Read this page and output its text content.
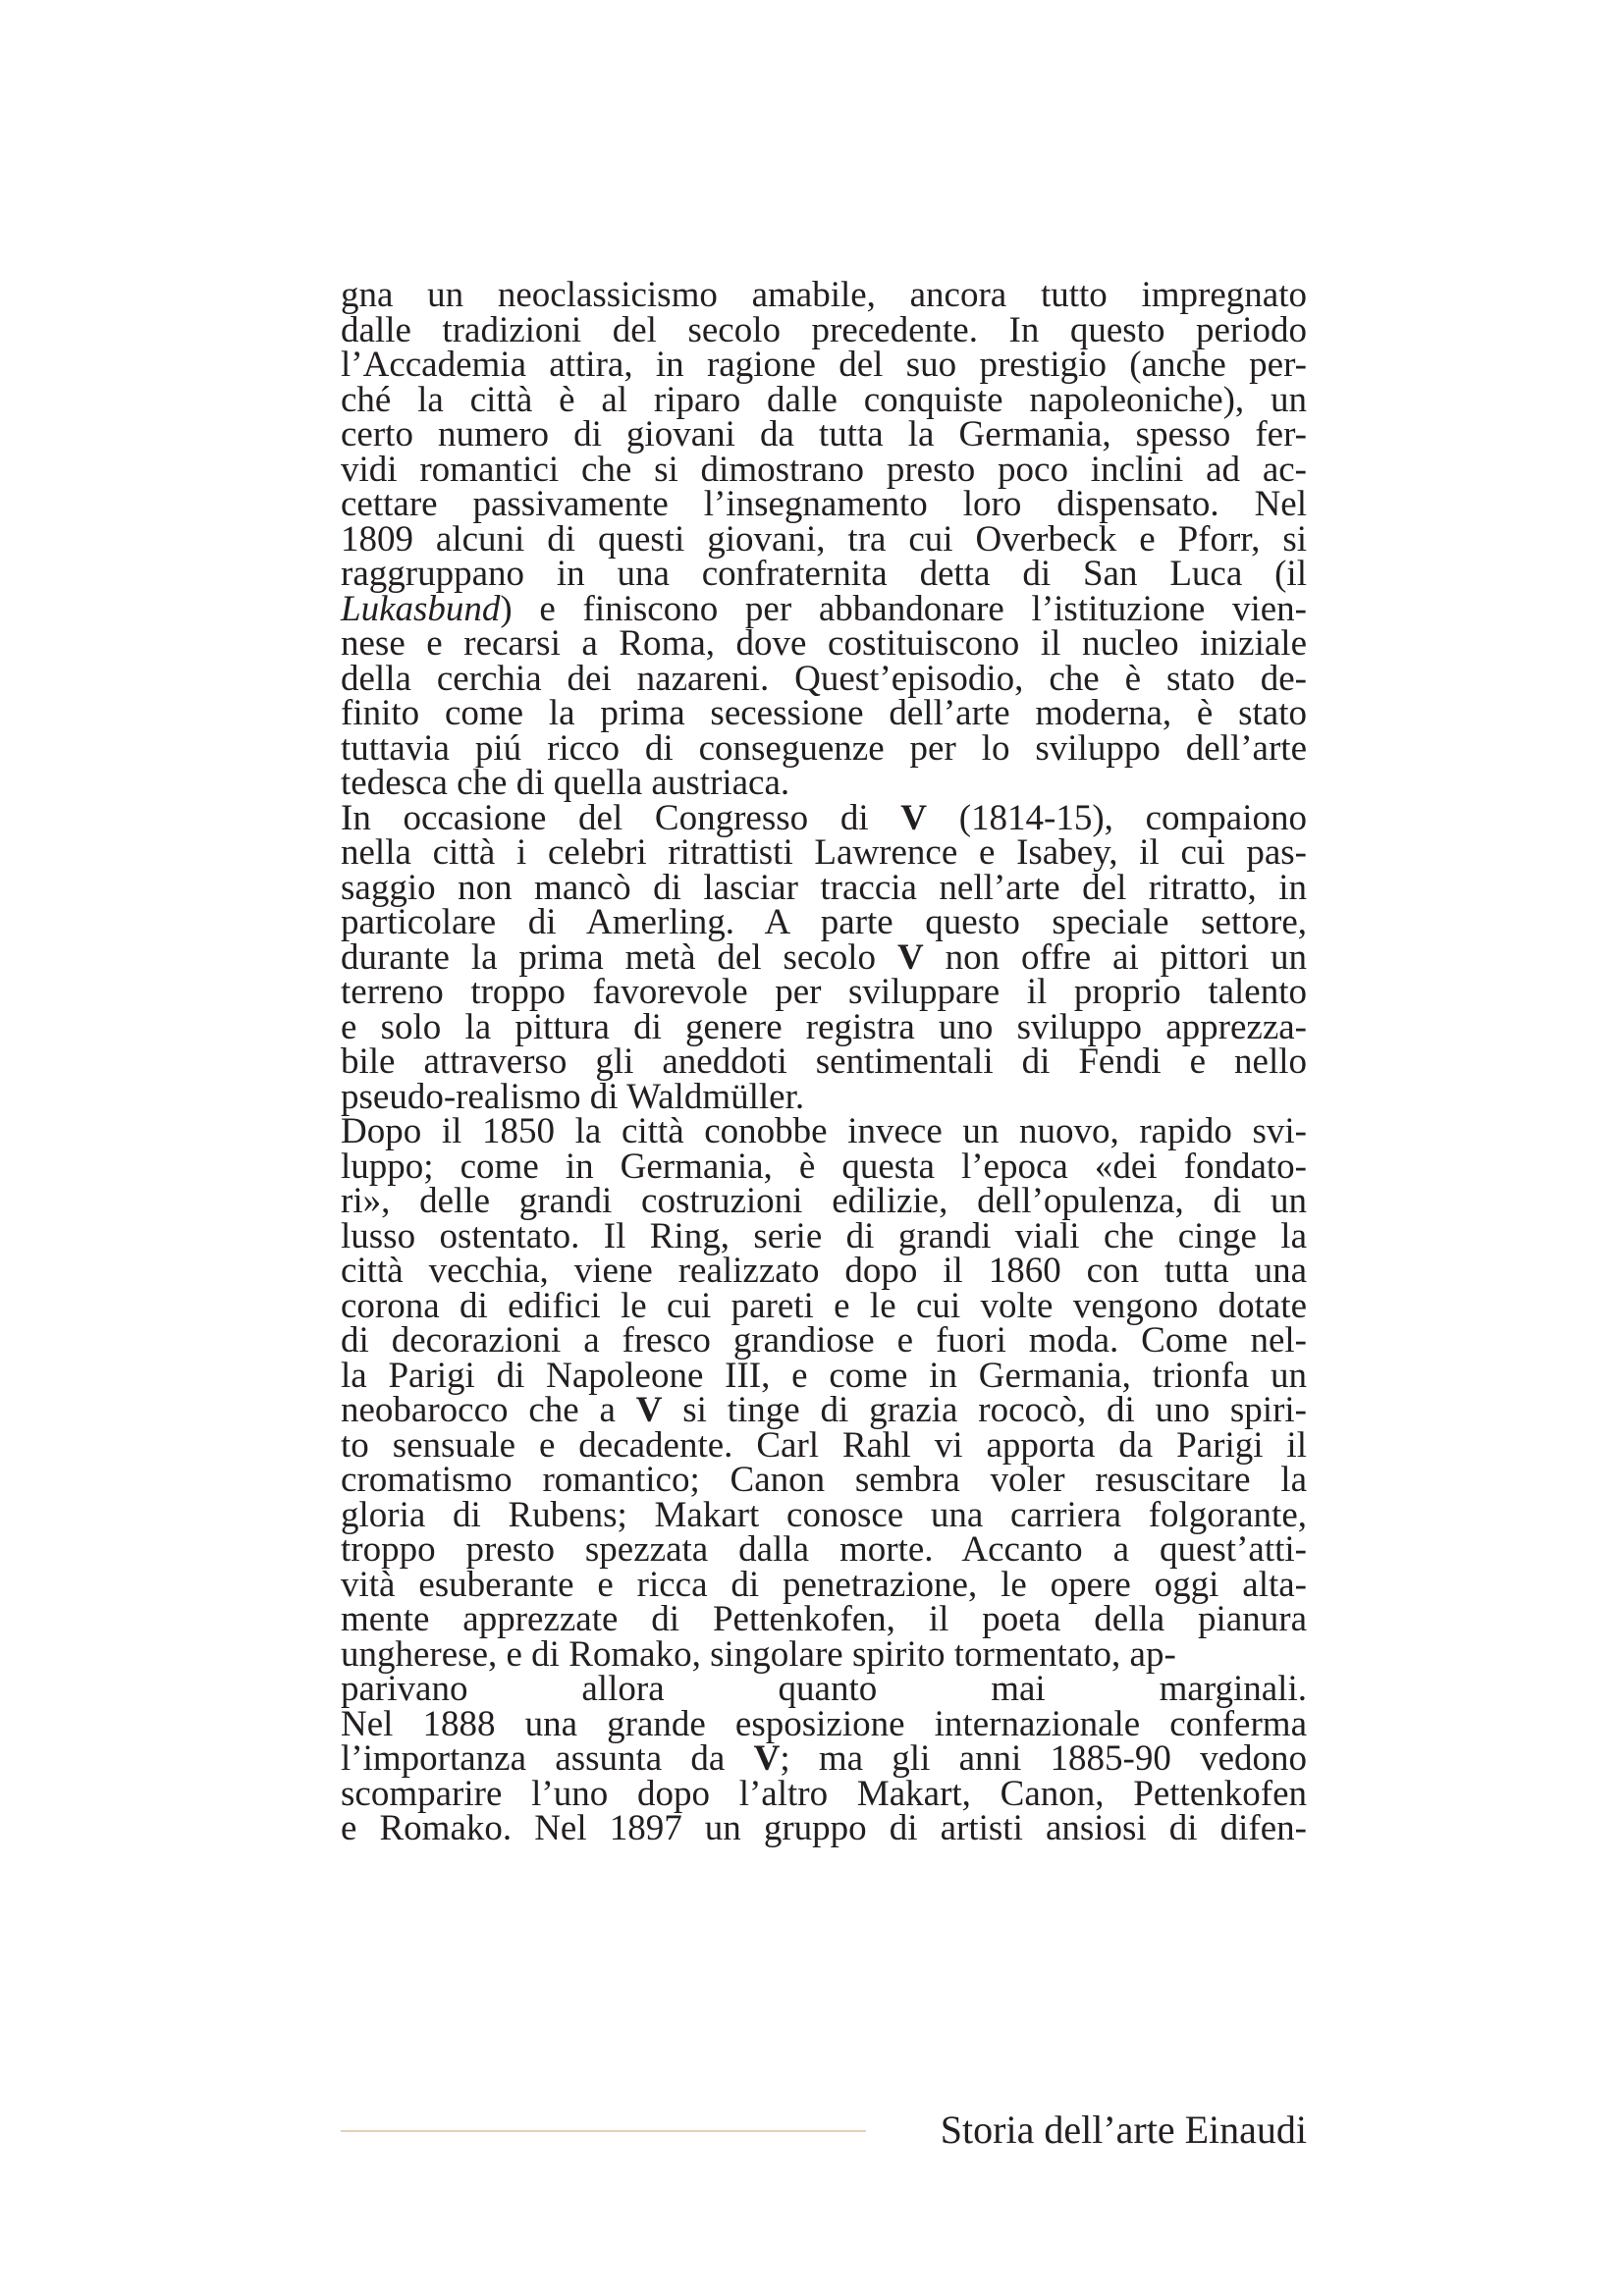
gna un neoclassicismo amabile, ancora tutto impregnato
dalle tradizioni del secolo precedente. In questo periodo
l’Accademia attira, in ragione del suo prestigio (anche per-
ché la città è al riparo dalle conquiste napoleoniche), un
certo numero di giovani da tutta la Germania, spesso fer-
vidi romantici che si dimostrano presto poco inclini ad ac-
cettare passivamente l’insegnamento loro dispensato. Nel
1809 alcuni di questi giovani, tra cui Overbeck e Pforr, si
raggruppano in una confraternita detta di San Luca (il
Lukasbund) e finiscono per abbandonare l’istituzione vien-
nese e recarsi a Roma, dove costituiscono il nucleo iniziale
della cerchia dei nazareni. Quest’episodio, che è stato de-
finito come la prima secessione dell’arte moderna, è stato
tuttavia piú ricco di conseguenze per lo sviluppo dell’arte
tedesca che di quella austriaca.
In occasione del Congresso di V (1814-15), compaiono
nella città i celebri ritrattisti Lawrence e Isabey, il cui pas-
saggio non mancò di lasciar traccia nell’arte del ritratto, in
particolare di Amerling. A parte questo speciale settore,
durante la prima metà del secolo V non offre ai pittori un
terreno troppo favorevole per sviluppare il proprio talento
e solo la pittura di genere registra uno sviluppo apprezza-
bile attraverso gli aneddoti sentimentali di Fendi e nello
pseudo-realismo di Waldmüller.
Dopo il 1850 la città conobbe invece un nuovo, rapido svi-
luppo; come in Germania, è questa l’epoca «dei fondato-
ri», delle grandi costruzioni edilizie, dell’opulenza, di un
lusso ostentato. Il Ring, serie di grandi viali che cinge la
città vecchia, viene realizzato dopo il 1860 con tutta una
corona di edifici le cui pareti e le cui volte vengono dotate
di decorazioni a fresco grandiose e fuori moda. Come nel-
la Parigi di Napoleone III, e come in Germania, trionfa un
neobarocco che a V si tinge di grazia rococò, di uno spiri-
to sensuale e decadente. Carl Rahl vi apporta da Parigi il
cromatismo romantico; Canon sembra voler resuscitare la
gloria di Rubens; Makart conosce una carriera folgorante,
troppo presto spezzata dalla morte. Accanto a quest’atti-
vità esuberante e ricca di penetrazione, le opere oggi alta-
mente apprezzate di Pettenkofen, il poeta della pianura
ungherese, e di Romako, singolare spirito tormentato, ap-
parivano allora quanto mai marginali.
Nel 1888 una grande esposizione internazionale conferma
l’importanza assunta da V; ma gli anni 1885-90 vedono
scomparire l’uno dopo l’altro Makart, Canon, Pettenkofen
e Romako. Nel 1897 un gruppo di artisti ansiosi di difen-
Storia dell’arte Einaudi
